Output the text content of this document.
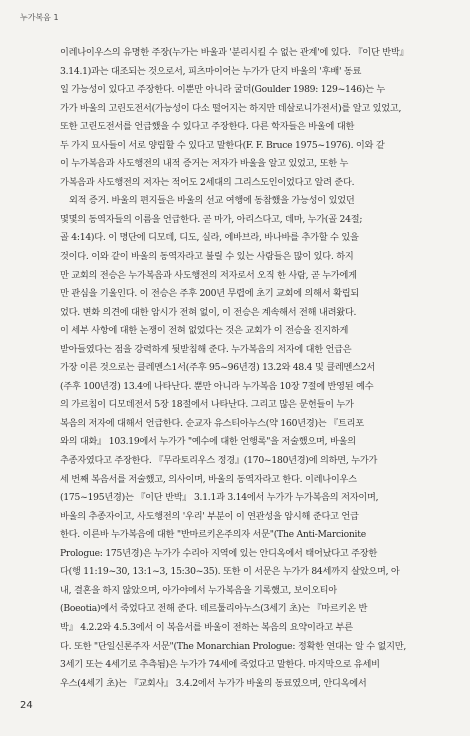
누가복음 1
이레나이우스의 유명한 주장(누가는 바울과 '분리시킬 수 없는 관계'에 있다. 『이단 반박』
3.14.1)과는 대조되는 것으로서, 피츠마이어는 누가가 단지 바울의 '후배' 동료
일 가능성이 있다고 주장한다. 이뿐만 아니라 굴더(Goulder 1989: 129~146)는 누
가가 바울의 고린도전서(가능성이 다소 떨어지는 하지만 데살로니가전서)를 알고 있었고,
또한 고린도전서를 언급했을 수 있다고 주장한다. 다른 학자들은 바울에 대한
두 가지 묘사들이 서로 양립할 수 있다고 말한다(F. F. Bruce 1975~1976). 이와 같
이 누가복음과 사도행전의 내적 증거는 저자가 바울을 알고 있었고, 또한 누
가복음과 사도행전의 저자는 적어도 2세대의 그리스도인이었다고 알려 준다.
외적 증거. 바울의 편지들은 바울의 선교 여행에 동참했을 가능성이 있었던
몇몇의 동역자들의 이름을 언급한다. 곧 마가, 아리스다고, 데마, 누가(골 24절;
골 4:14)다. 이 명단에 디모데, 디도, 실라, 에바브라, 바나바를 추가할 수 있을
것이다. 이와 같이 바울의 동역자라고 불릴 수 있는 사람들은 많이 있다. 하지
만 교회의 전승은 누가복음과 사도행전의 저자로서 오직 한 사람, 곧 누가에게
만 관심을 기울인다. 이 전승은 주후 200년 무렵에 초기 교회에 의해서 확립되
었다. 변화 의견에 대한 암시가 전혀 없이, 이 전승은 계속해서 전해 내려왔다.
이 세부 사항에 대한 논쟁이 전혀 없었다는 것은 교회가 이 전승을 진지하게
받아들였다는 점을 강력하게 뒷받침해 준다. 누가복음의 저자에 대한 언급은
가장 이른 것으로는 클레멘스1서(주후 95~96년경) 13.2와 48.4 및 클레멘스2서
(주후 100년경) 13.4에 나타난다. 뿐만 아니라 누가복음 10장 7절에 반영된 예수
의 가르침이 디모데전서 5장 18절에서 나타난다. 그리고 많은 문헌들이 누가
복음의 저자에 대해서 언급한다. 순교자 유스티아누스(약 160년경)는 『트리포
와의 대화』 103.19에서 누가가 "예수에 대한 언행록"을 저술했으며, 바울의
추종자였다고 주장한다. 『무라토리우스 정경』(170~180년경)에 의하면, 누가가
세 번째 복음서를 저술했고, 의사이며, 바울의 동역자라고 한다. 이레나이우스
(175~195년경)는 『이단 반박』 3.1.1과 3.14에서 누가가 누가복음의 저자이며,
바울의 추종자이고, 사도행전의 '우리' 부분이 이 연관성을 암시해 준다고 언급
한다. 이른바 누가복음에 대한 "반마르키온주의자 서문"(The Anti-Marcionite
Prologue: 175년경)은 누가가 수리아 지역에 있는 안디옥에서 태어났다고 주장한
다(행 11:19~30, 13:1~3, 15:30~35). 또한 이 서문은 누가가 84세까지 살았으며, 아
내, 결혼을 하지 않았으며, 아가야에서 누가복음을 기록했고, 보이오티아
(Boeotia)에서 죽었다고 전해 준다. 테르툴리아누스(3세기 초)는 『마르키온 반
박』 4.2.2와 4.5.3에서 이 복음서를 바울이 전하는 복음의 요약이라고 부른
다. 또한 "단일신론주자 서문"(The Monarchian Prologue: 정확한 연대는 알 수 없지만,
3세기 또는 4세기로 추측됨)은 누가가 74세에 죽었다고 말한다. 마지막으로 유세비
우스(4세기 초)는 『교회사』 3.4.2에서 누가가 바울의 동료였으며, 안디옥에서
24
